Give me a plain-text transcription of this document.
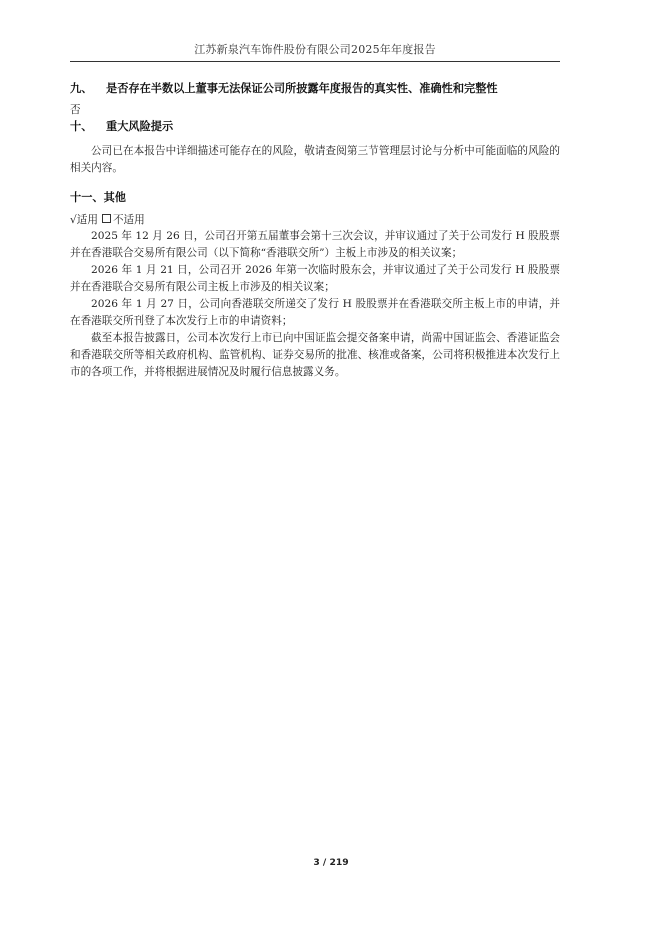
江苏新泉汽车饰件股份有限公司2025年年度报告
九、 是否存在半数以上董事无法保证公司所披露年度报告的真实性、准确性和完整性
否
十、 重大风险提示
公司已在本报告中详细描述可能存在的风险，敬请查阅第三节管理层讨论与分析中可能面临的风险的相关内容。
十一、其他
√适用 不适用
2025 年 12 月 26 日，公司召开第五届董事会第十三次会议，并审议通过了关于公司发行 H 股股票并在香港联合交易所有限公司（以下简称“香港联交所”）主板上市涉及的相关议案；
2026 年 1 月 21 日，公司召开 2026 年第一次临时股东会，并审议通过了关于公司发行 H 股股票并在香港联合交易所有限公司主板上市涉及的相关议案；
2026 年 1 月 27 日，公司向香港联交所递交了发行 H 股股票并在香港联交所主板上市的申请，并在香港联交所刊登了本次发行上市的申请资料；
截至本报告披露日，公司本次发行上市已向中国证监会提交备案申请，尚需中国证监会、香港证监会和香港联交所等相关政府机构、监管机构、证券交易所的批准、核准或备案，公司将积极推进本次发行上市的各项工作，并将根据进展情况及时履行信息披露义务。
3 / 219
